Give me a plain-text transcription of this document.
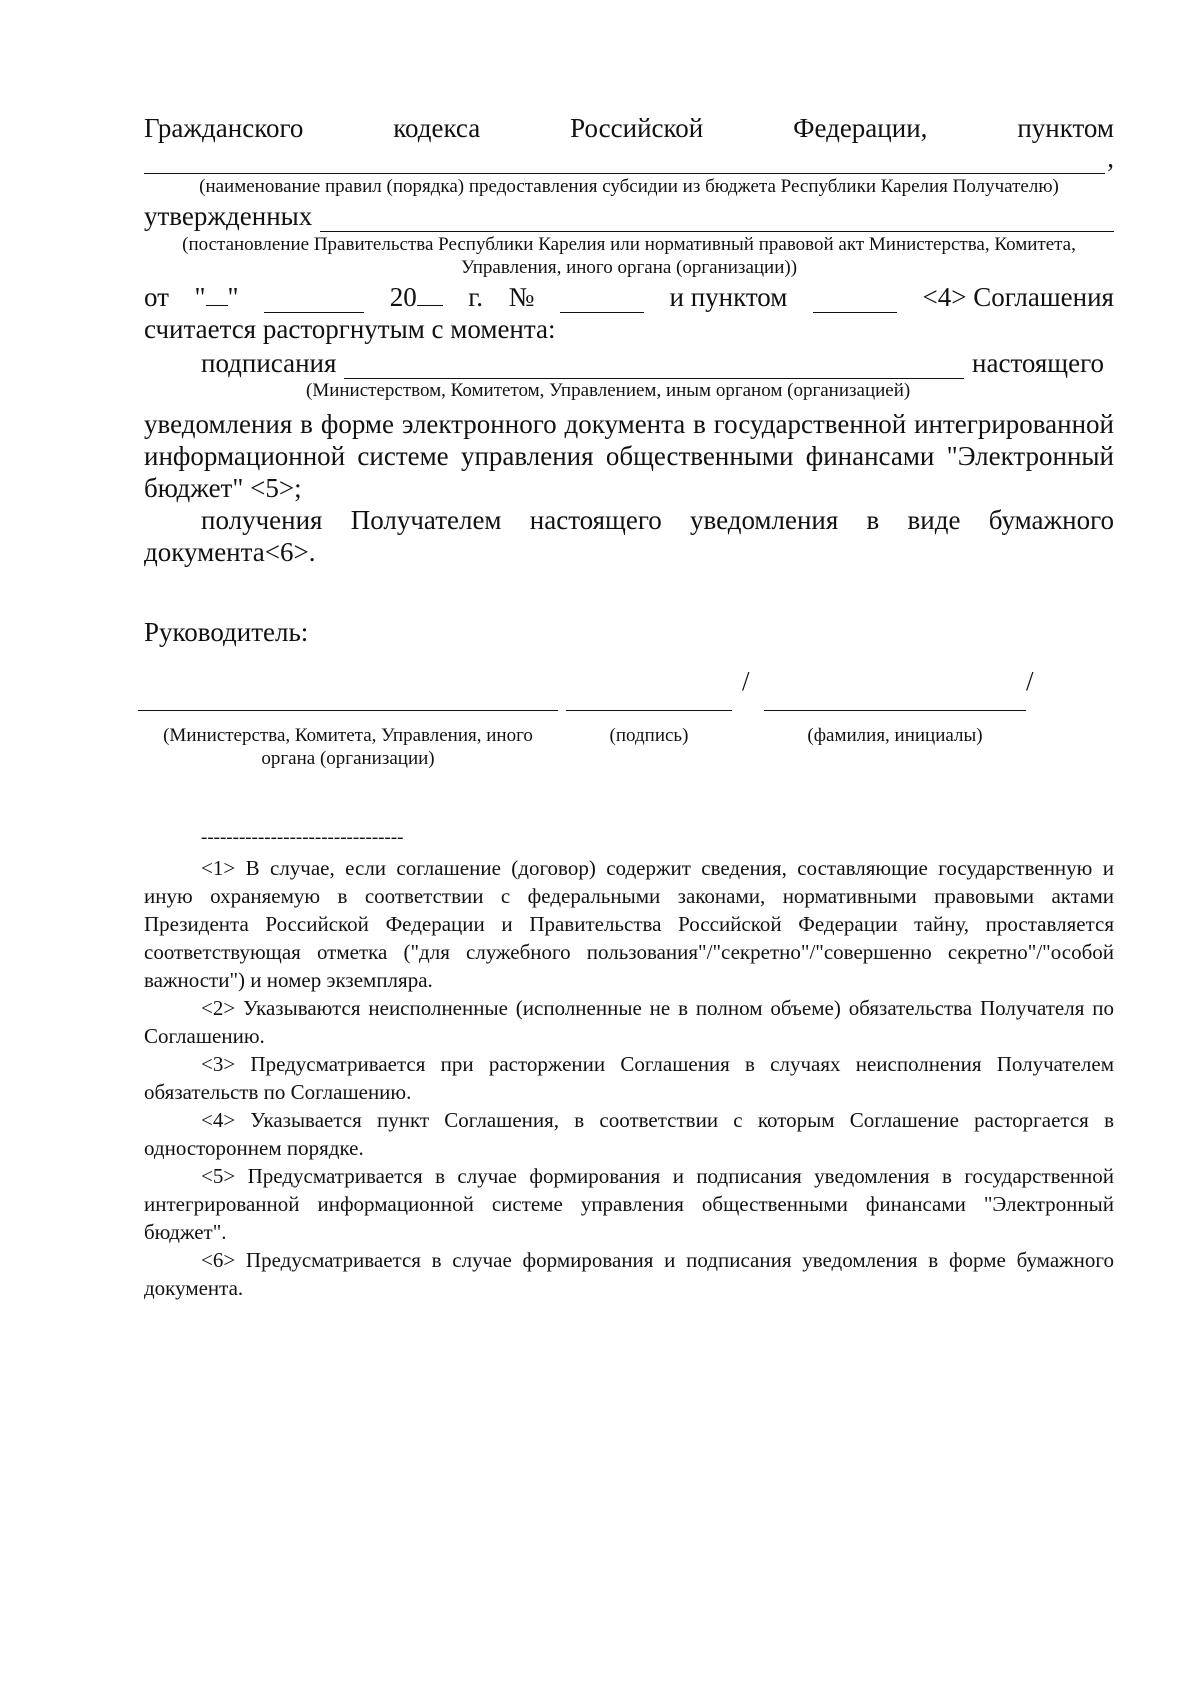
Гражданского	кодекса	Российской	Федерации,	пунктом
,
(наименование правил (порядка) предоставления субсидии из бюджета Республики Карелия Получателю)
утвержденных
(постановление Правительства Республики Карелия или нормативный правовой акт Министерства, Комитета,
Управления, иного органа (организации))
от " "	20	г. №	и пунктом	<4> Соглашения
считается расторгнутым с момента:
подписания	настоящего
(Министерством, Комитетом, Управлением, иным органом (организацией)

уведомления в форме электронного документа в государственной интегрированной информационной системе управления общественными финансами "Электронный бюджет" <5>;

получения Получателем настоящего уведомления в виде бумажного документа<6>.

Руководитель:
/	/
(Министерства, Комитета, Управления, иного органа (организации)
(подпись)	(фамилия, инициалы)
--------------------------------

<1> В случае, если соглашение (договор) содержит сведения, составляющие государственную и иную охраняемую в соответствии с федеральными законами, нормативными правовыми актами Президента Российской Федерации и Правительства Российской Федерации тайну, проставляется соответствующая отметка ("для служебного пользования"/"секретно"/"совершенно секретно"/"особой важности") и номер экземпляра.

<2> Указываются неисполненные (исполненные не в полном объеме) обязательства Получателя по Соглашению.

<3> Предусматривается при расторжении Соглашения в случаях неисполнения Получателем обязательств по Соглашению.

<4> Указывается пункт Соглашения, в соответствии с которым Соглашение расторгается в одностороннем порядке.

<5> Предусматривается в случае формирования и подписания уведомления в государственной интегрированной информационной системе управления общественными финансами "Электронный бюджет".

<6> Предусматривается в случае формирования и подписания уведомления в форме бумажного документа.
